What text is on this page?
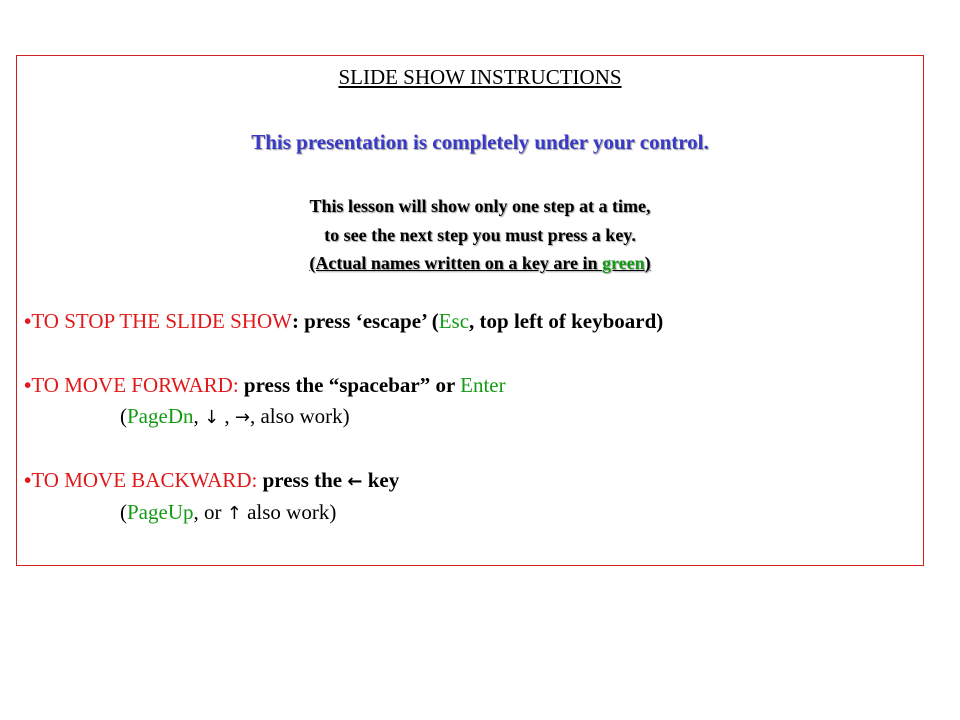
SLIDE SHOW INSTRUCTIONS
This presentation is completely under your control.
This lesson will show only one step at a time,
to see the next step you must press a key.
(Actual names written on a key are in green)
•TO STOP THE SLIDE SHOW: press ‘escape’ (Esc, top left of keyboard)
•TO MOVE FORWARD: press the “spacebar” or Enter
(PageDn, ↓ , →, also work)
•TO MOVE BACKWARD: press the ← key
(PageUp, or ↑ also work)
